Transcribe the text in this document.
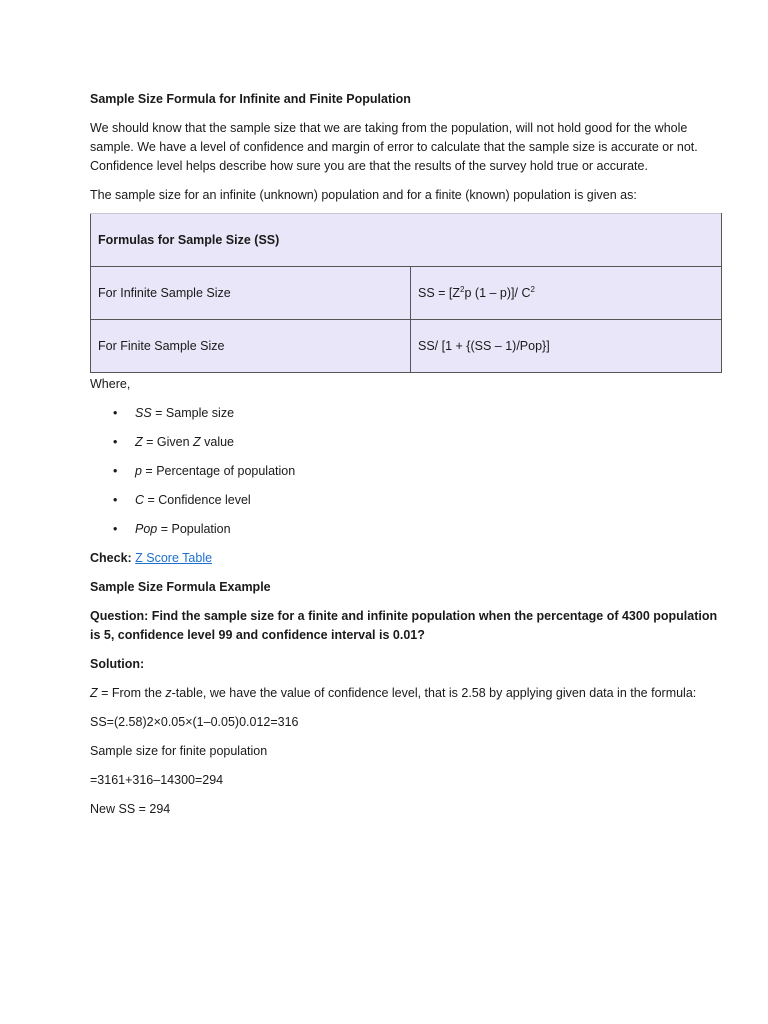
Sample Size Formula for Infinite and Finite Population
We should know that the sample size that we are taking from the population, will not hold good for the whole sample. We have a level of confidence and margin of error to calculate that the sample size is accurate or not. Confidence level helps describe how sure you are that the results of the survey hold true or accurate.
The sample size for an infinite (unknown) population and for a finite (known) population is given as:
Formulas for Sample Size (SS)	
For Infinite Sample Size	SS = [$Z^2p$ (1 – p)]/ $C^2$
For Finite Sample Size	SS/ [1 + {(SS – 1)/Pop}]
Where,
• SS = Sample size
• Z = Given Z value
• p = Percentage of population
• C = Confidence level
• Pop = Population
Check: Z Score Table
Sample Size Formula Example
Question: Find the sample size for a finite and infinite population when the percentage of 4300 population is 5, confidence level 99 and confidence interval is 0.01?
Solution:
Z = From the z-table, we have the value of confidence level, that is 2.58 by applying given data in the formula:
SS=(2.58)2×0.05×(1–0.05)0.012=316
Sample size for finite population
=3161+316–14300=294
New SS = 294
